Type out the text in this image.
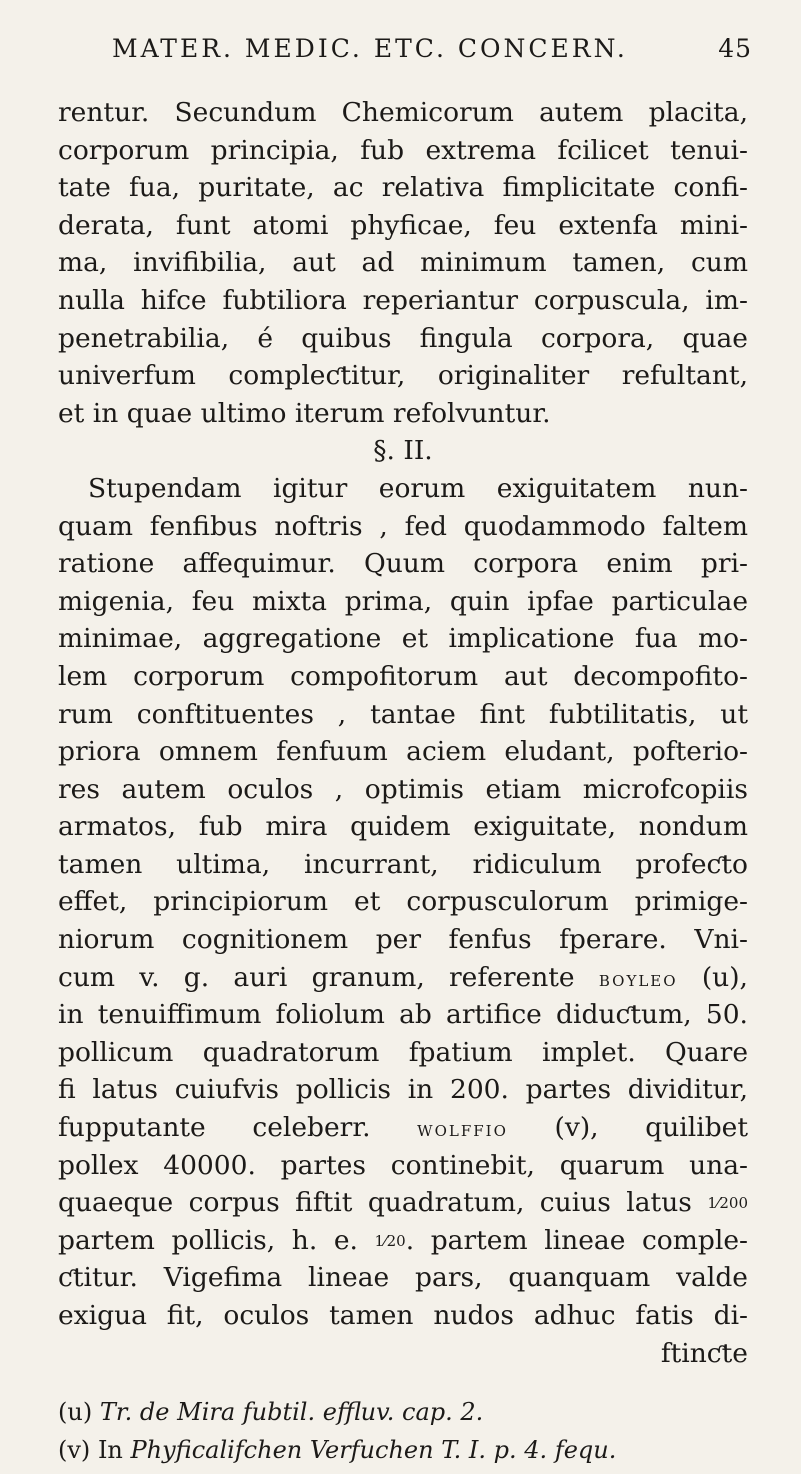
MATER. MEDIC. ETC. CONCERN.	45
rentur. Secundum Chemicorum autem placita,
corporum principia, fub extrema fcilicet tenui-
tate fua, puritate, ac relativa fimplicitate confi-
derata, funt atomi phyficae, feu extenfa mini-
ma, invifibilia, aut ad minimum tamen, cum
nulla hifce fubtiliora reperiantur corpuscula, im-
penetrabilia, é quibus fingula corpora, quae
univerfum compleƈtitur, originaliter refultant,
et in quae ultimo iterum refolvuntur.
§. II.
Stupendam igitur eorum exiguitatem nun-
quam fenfibus noftris , fed quodammodo faltem
ratione affequimur. Quum corpora enim pri-
migenia, feu mixta prima, quin ipfae particulae
minimae, aggregatione et implicatione fua mo-
lem corporum compofitorum aut decompofito-
rum conftituentes , tantae fint fubtilitatis, ut
priora omnem fenfuum aciem eludant, pofterio-
res autem oculos , optimis etiam microfcopiis
armatos, fub mira quidem exiguitate, nondum
tamen ultima, incurrant, ridiculum profeƈto
effet, principiorum et corpusculorum primige-
niorum cognitionem per fenfus fperare. Vni-
cum v. g. auri granum, referente boyleo (u),
in tenuiffimum foliolum ab artifice diduƈtum, 50.
pollicum quadratorum fpatium implet. Quare
fi latus cuiufvis pollicis in 200. partes dividitur,
fupputante celeberr. wolffio (v), quilibet
pollex 40000. partes continebit, quarum una-
quaeque corpus fiftit quadratum, cuius latus 1⁄200
partem pollicis, h. e. 1⁄20. partem lineae comple-
ƈtitur. Vigefima lineae pars, quanquam valde
exigua fit, oculos tamen nudos adhuc fatis di-
ftinƈte
(u) Tr. de Mira fubtil. effluv. cap. 2.
(v) In Phyficalifchen Verfuchen T. I. p. 4. fequ.
